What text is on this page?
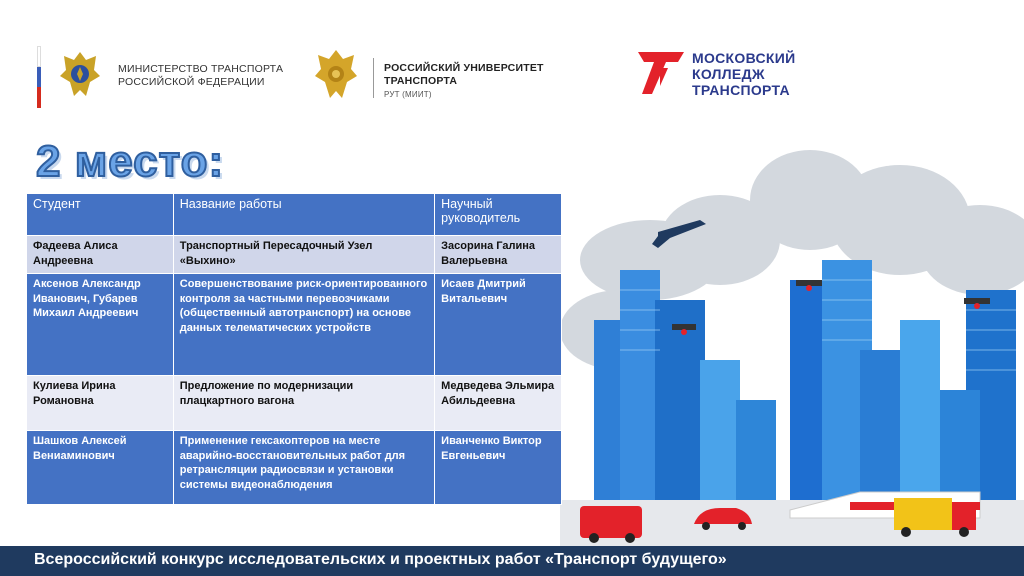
МИНИСТЕРСТВО ТРАНСПОРТА
РОССИЙСКОЙ ФЕДЕРАЦИИ
РОССИЙСКИЙ УНИВЕРСИТЕТ
ТРАНСПОРТА
РУТ (МИИТ)
МОСКОВСКИЙ
КОЛЛЕДЖ
ТРАНСПОРТА
2 место:
Студент	Название работы	Научный руководитель
Фадеева Алиса Андреевна	Транспортный Пересадочный Узел «Выхино»	Засорина Галина Валерьевна
Аксенов Александр Иванович, Губарев Михаил Андреевич	Совершенствование риск-ориентированного контроля за частными перевозчиками (общественный автотранспорт) на основе данных телематических устройств	Исаев Дмитрий Витальевич
Кулиева Ирина Романовна	Предложение по модернизации плацкартного вагона	Медведева Эльмира Абильдеевна
Шашков Алексей Вениаминович	Применение гексакоптеров на месте аварийно-восстановительных работ для ретрансляции радиосвязи и установки системы видеонаблюдения	Иванченко Виктор Евгеньевич
Всероссийский конкурс исследовательских и проектных работ «Транспорт будущего»
